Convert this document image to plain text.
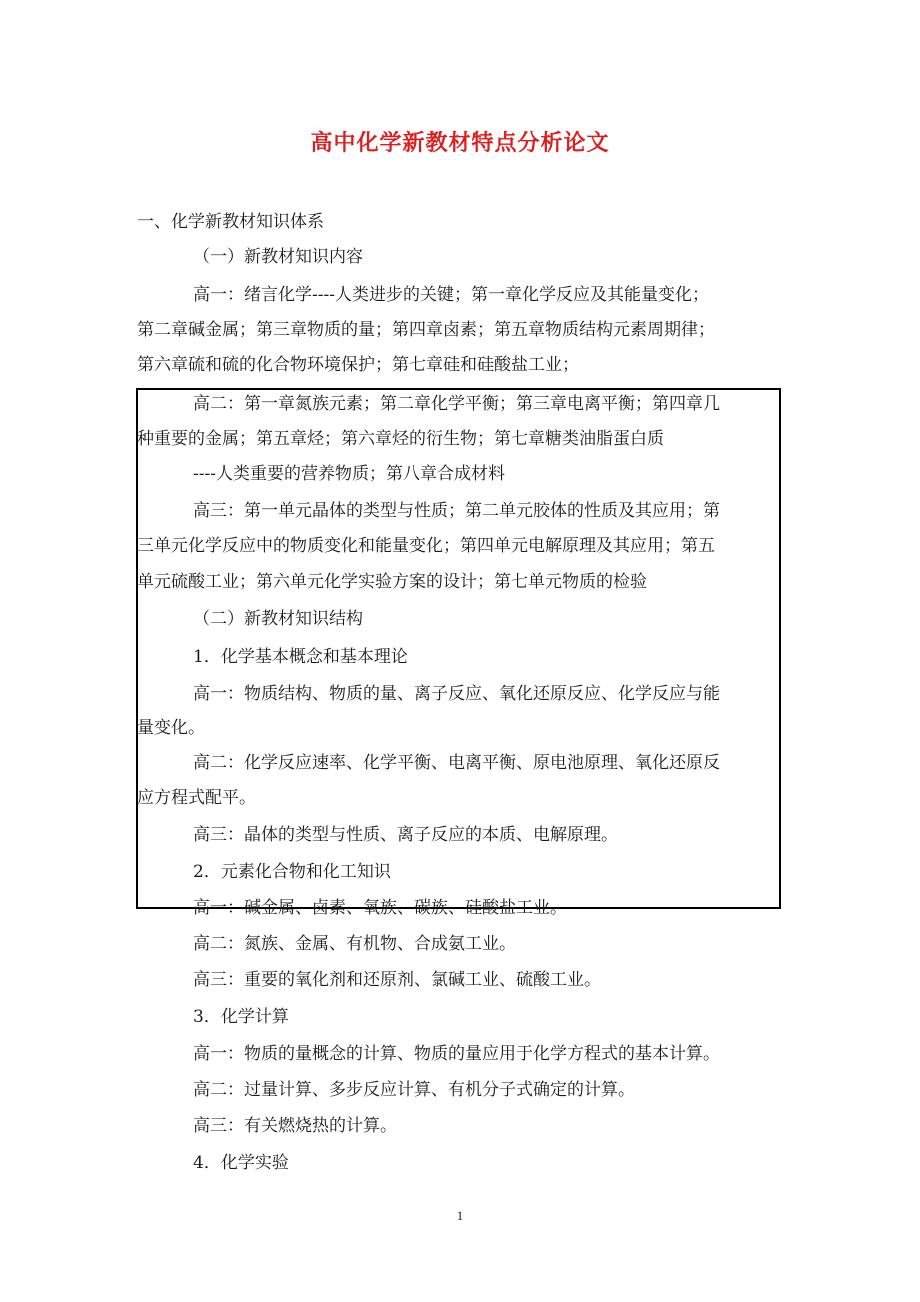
高中化学新教材特点分析论文
一、化学新教材知识体系
（一）新教材知识内容
高一：绪言化学----人类进步的关键；第一章化学反应及其能量变化；
第二章碱金属；第三章物质的量；第四章卤素；第五章物质结构元素周期律；
第六章硫和硫的化合物环境保护；第七章硅和硅酸盐工业；
高二：第一章氮族元素；第二章化学平衡；第三章电离平衡；第四章几
种重要的金属；第五章烃；第六章烃的衍生物；第七章糖类油脂蛋白质
----人类重要的营养物质；第八章合成材料
高三：第一单元晶体的类型与性质；第二单元胶体的性质及其应用；第
三单元化学反应中的物质变化和能量变化；第四单元电解原理及其应用；第五
单元硫酸工业；第六单元化学实验方案的设计；第七单元物质的检验
（二）新教材知识结构
1．化学基本概念和基本理论
高一：物质结构、物质的量、离子反应、氧化还原反应、化学反应与能
量变化。
高二：化学反应速率、化学平衡、电离平衡、原电池原理、氧化还原反
应方程式配平。
高三：晶体的类型与性质、离子反应的本质、电解原理。
2．元素化合物和化工知识
高一：碱金属、卤素、氧族、碳族、硅酸盐工业。
高二：氮族、金属、有机物、合成氨工业。
高三：重要的氧化剂和还原剂、氯碱工业、硫酸工业。
3．化学计算
高一：物质的量概念的计算、物质的量应用于化学方程式的基本计算。
高二：过量计算、多步反应计算、有机分子式确定的计算。
高三：有关燃烧热的计算。
4．化学实验
1
